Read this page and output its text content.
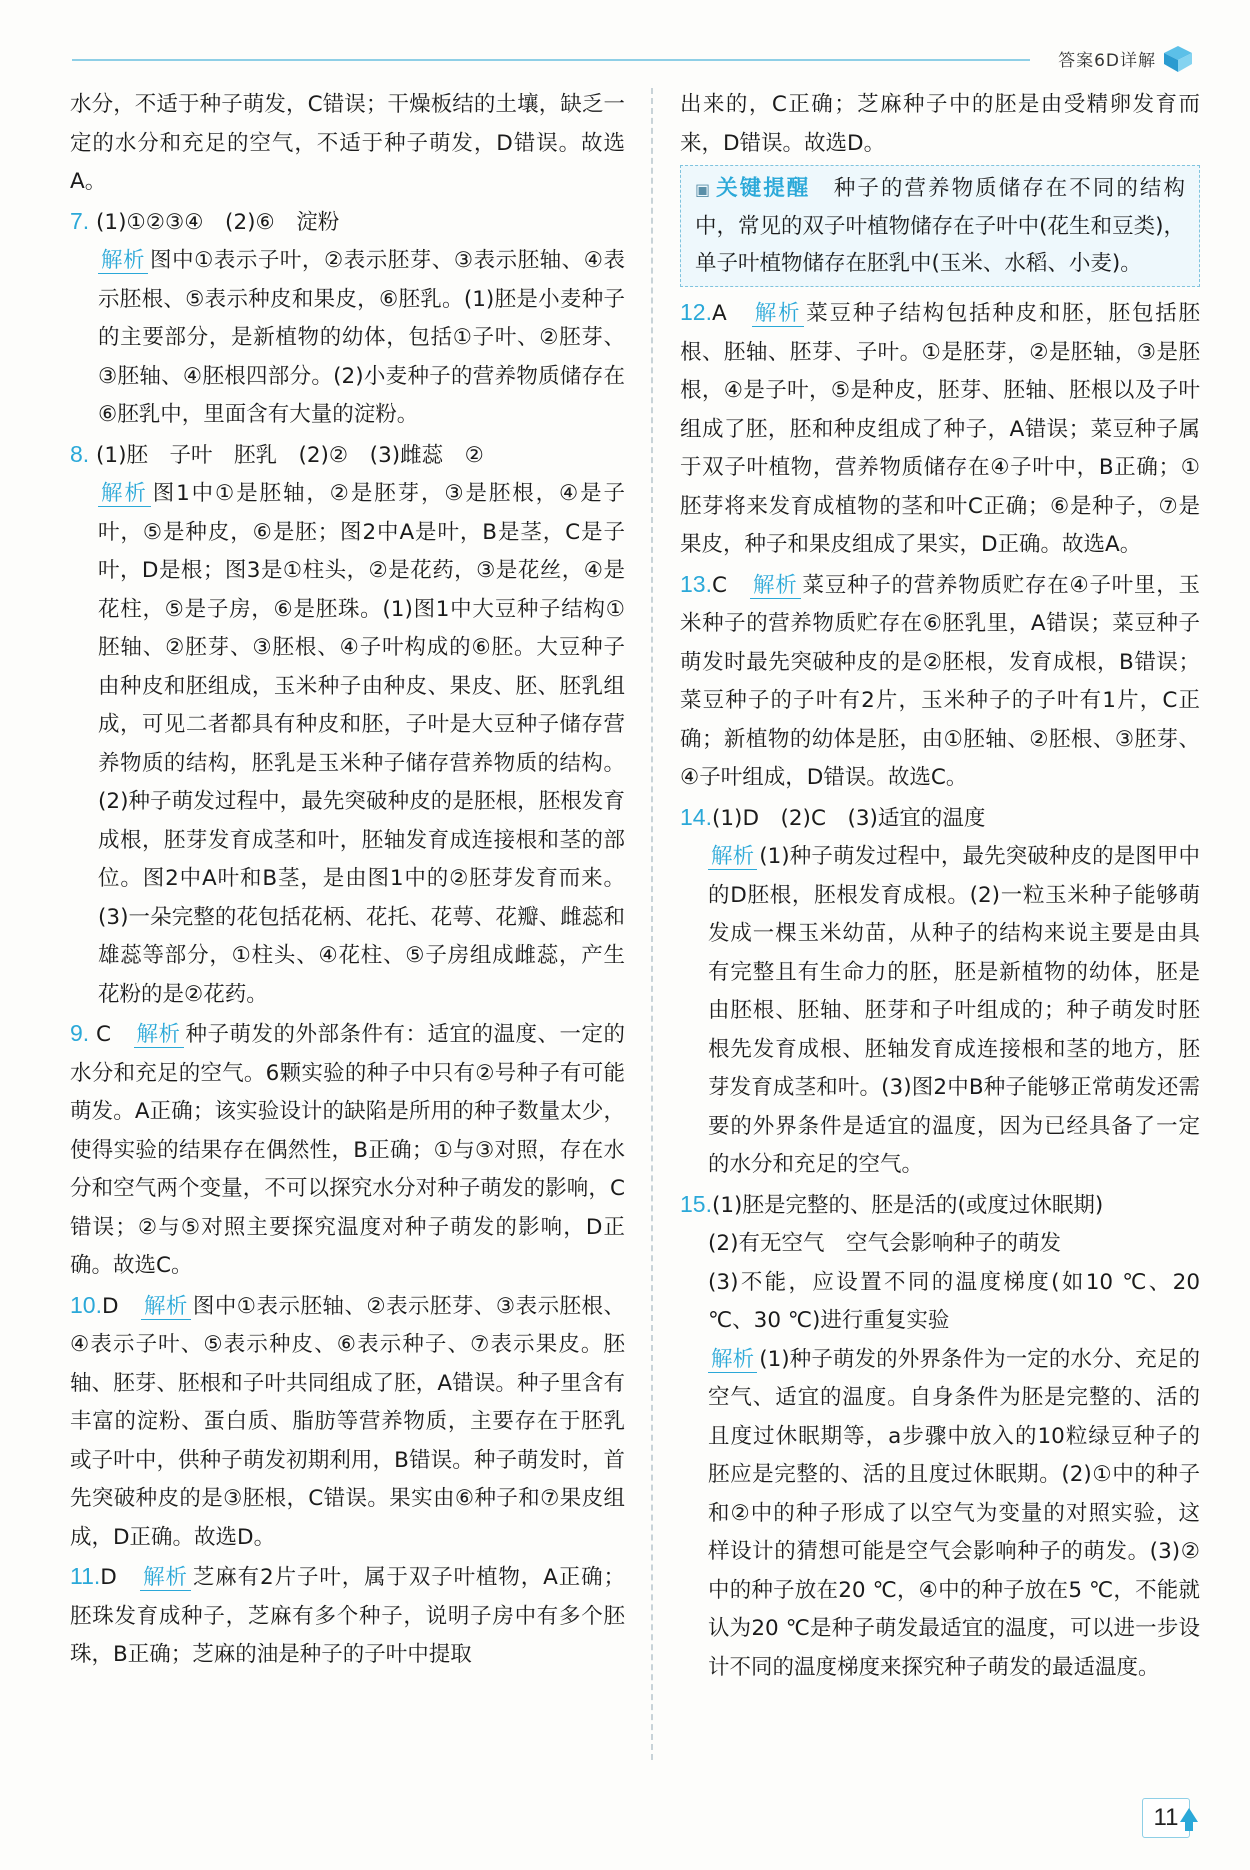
答案6D详解

水分，不适于种子萌发，C错误；干燥板结的土壤，缺乏一定的水分和充足的空气，不适于种子萌发，D错误。故选A。

7. (1)①②③④　(2)⑥　淀粉

解析 图中①表示子叶，②表示胚芽、③表示胚轴、④表示胚根、⑤表示种皮和果皮，⑥胚乳。(1)胚是小麦种子的主要部分，是新植物的幼体，包括①子叶、②胚芽、③胚轴、④胚根四部分。(2)小麦种子的营养物质储存在⑥胚乳中，里面含有大量的淀粉。

8. (1)胚　子叶　胚乳　(2)②　(3)雌蕊　②

解析 图1中①是胚轴，②是胚芽，③是胚根，④是子叶，⑤是种皮，⑥是胚；图2中A是叶，B是茎，C是子叶，D是根；图3是①柱头，②是花药，③是花丝，④是花柱，⑤是子房，⑥是胚珠。(1)图1中大豆种子结构①胚轴、②胚芽、③胚根、④子叶构成的⑥胚。大豆种子由种皮和胚组成，玉米种子由种皮、果皮、胚、胚乳组成，可见二者都具有种皮和胚，子叶是大豆种子储存营养物质的结构，胚乳是玉米种子储存营养物质的结构。(2)种子萌发过程中，最先突破种皮的是胚根，胚根发育成根，胚芽发育成茎和叶，胚轴发育成连接根和茎的部位。图2中A叶和B茎，是由图1中的②胚芽发育而来。(3)一朵完整的花包括花柄、花托、花萼、花瓣、雌蕊和雄蕊等部分，①柱头、④花柱、⑤子房组成雌蕊，产生花粉的是②花药。

9. C　 解析 种子萌发的外部条件有：适宜的温度、一定的水分和充足的空气。6颗实验的种子中只有②号种子有可能萌发。A正确；该实验设计的缺陷是所用的种子数量太少，使得实验的结果存在偶然性，B正确；①与③对照，存在水分和空气两个变量，不可以探究水分对种子萌发的影响，C错误；②与⑤对照主要探究温度对种子萌发的影响，D正确。故选C。

10.D　 解析 图中①表示胚轴、②表示胚芽、③表示胚根、④表示子叶、⑤表示种皮、⑥表示种子、⑦表示果皮。胚轴、胚芽、胚根和子叶共同组成了胚，A错误。种子里含有丰富的淀粉、蛋白质、脂肪等营养物质，主要存在于胚乳或子叶中，供种子萌发初期利用，B错误。种子萌发时，首先突破种皮的是③胚根，C错误。果实由⑥种子和⑦果皮组成，D正确。故选D。

11.D　 解析 芝麻有2片子叶，属于双子叶植物，A正确；胚珠发育成种子，芝麻有多个种子，说明子房中有多个胚珠，B正确；芝麻的油是种子的子叶中提取

出来的，C正确；芝麻种子中的胚是由受精卵发育而来，D错误。故选D。

▣ 关键提醒　 种子的营养物质储存在不同的结构中，常见的双子叶植物储存在子叶中(花生和豆类)，单子叶植物储存在胚乳中(玉米、水稻、小麦)。

12.A　 解析 菜豆种子结构包括种皮和胚，胚包括胚根、胚轴、胚芽、子叶。①是胚芽，②是胚轴，③是胚根，④是子叶，⑤是种皮，胚芽、胚轴、胚根以及子叶组成了胚，胚和种皮组成了种子，A错误；菜豆种子属于双子叶植物，营养物质储存在④子叶中，B正确；①胚芽将来发育成植物的茎和叶C正确；⑥是种子，⑦是果皮，种子和果皮组成了果实，D正确。故选A。

13.C　 解析 菜豆种子的营养物质贮存在④子叶里，玉米种子的营养物质贮存在⑥胚乳里，A错误；菜豆种子萌发时最先突破种皮的是②胚根，发育成根，B错误；菜豆种子的子叶有2片，玉米种子的子叶有1片，C正确；新植物的幼体是胚，由①胚轴、②胚根、③胚芽、④子叶组成，D错误。故选C。

14.(1)D　(2)C　(3)适宜的温度

解析 (1)种子萌发过程中，最先突破种皮的是图甲中的D胚根，胚根发育成根。(2)一粒玉米种子能够萌发成一棵玉米幼苗，从种子的结构来说主要是由具有完整且有生命力的胚，胚是新植物的幼体，胚是由胚根、胚轴、胚芽和子叶组成的；种子萌发时胚根先发育成根、胚轴发育成连接根和茎的地方，胚芽发育成茎和叶。(3)图2中B种子能够正常萌发还需要的外界条件是适宜的温度，因为已经具备了一定的水分和充足的空气。

15.(1)胚是完整的、胚是活的(或度过休眠期)

(2)有无空气　空气会影响种子的萌发

(3)不能，应设置不同的温度梯度(如10 ℃、20 ℃、30 ℃)进行重复实验

解析 (1)种子萌发的外界条件为一定的水分、充足的空气、适宜的温度。自身条件为胚是完整的、活的且度过休眠期等，a步骤中放入的10粒绿豆种子的胚应是完整的、活的且度过休眠期。(2)①中的种子和②中的种子形成了以空气为变量的对照实验，这样设计的猜想可能是空气会影响种子的萌发。(3)②中的种子放在20 ℃，④中的种子放在5 ℃，不能就认为20 ℃是种子萌发最适宜的温度，可以进一步设计不同的温度梯度来探究种子萌发的最适温度。

11
